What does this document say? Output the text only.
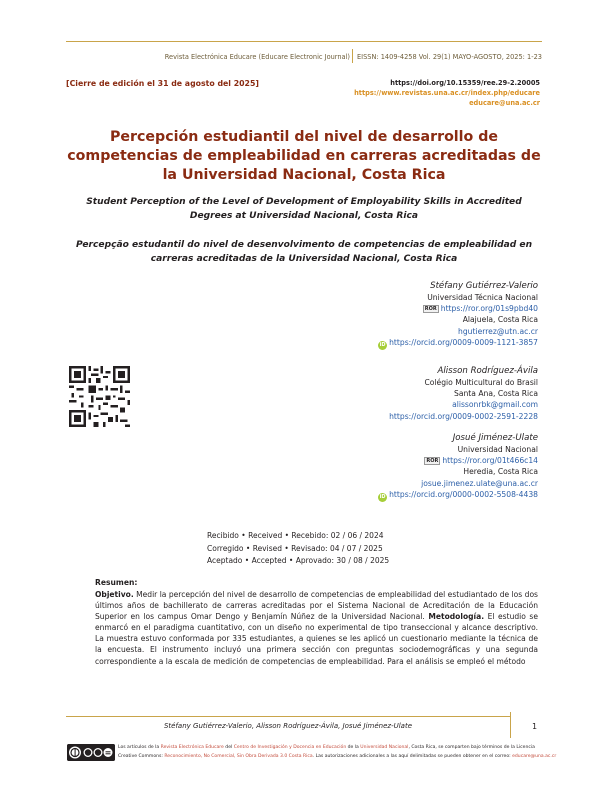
Revista Electrónica Educare (Educare Electronic Journal) EISSN: 1409-4258 Vol. 29(1) MAYO-AGOSTO, 2025: 1-23
[Cierre de edición el 31 de agosto del 2025]	https://doi.org/10.15359/ree.29-2.20005
https://www.revistas.una.ac.cr/index.php/educare
educare@una.ac.cr
Percepción estudiantil del nivel de desarrollo de competencias de empleabilidad en carreras acreditadas de la Universidad Nacional, Costa Rica
Student Perception of the Level of Development of Employability Skills in Accredited Degrees at Universidad Nacional, Costa Rica
Percepção estudantil do nivel de desenvolvimento de competencias de empleabilidad en carreras acreditadas de la Universidad Nacional, Costa Rica
Stéfany Gutiérrez-Valerio
Universidad Técnica Nacional
ROR https://ror.org/01s9pbd40
Alajuela, Costa Rica
hgutierrez@utn.ac.cr
iD https://orcid.org/0009-0009-1121-3857
Alisson Rodríguez-Ávila
Colégio Multicultural do Brasil
Santa Ana, Costa Rica
alissonrbk@gmail.com
https://orcid.org/0009-0002-2591-2228
Josué Jiménez-Ulate
Universidad Nacional
ROR https://ror.org/01t466c14
Heredia, Costa Rica
josue.jimenez.ulate@una.ac.cr
iD https://orcid.org/0000-0002-5508-4438
Recibido • Received • Recebido: 02 / 06 / 2024
Corregido • Revised • Revisado: 04 / 07 / 2025
Aceptado • Accepted • Aprovado: 30 / 08 / 2025
Resumen:

Objetivo. Medir la percepción del nivel de desarrollo de competencias de empleabilidad del estudiantado de los dos últimos años de bachillerato de carreras acreditadas por el Sistema Nacional de Acreditación de la Educación Superior en los campus Omar Dengo y Benjamín Núñez de la Universidad Nacional. Metodología. El estudio se enmarcó en el paradigma cuantitativo, con un diseño no experimental de tipo transeccional y alcance descriptivo. La muestra estuvo conformada por 335 estudiantes, a quienes se les aplicó un cuestionario mediante la técnica de la encuesta. El instrumento incluyó una primera sección con preguntas sociodemográficas y una segunda correspondiente a la escala de medición de competencias de empleabilidad. Para el análisis se empleó el método

Stéfany Gutiérrez-Valerio, Alisson Rodríguez-Ávila, Josué Jiménez-Ulate	1
Los artículos de la Revista Electrónica Educare del Centro de Investigación y Docencia en Educación de la Universidad Nacional, Costa Rica, se comparten bajo términos de la Licencia
Creative Commons: Reconocimiento, No Comercial, Sin Obra Derivada 3.0 Costa Rica. Las autorizaciones adicionales a las aquí delimitadas se pueden obtener en el correo: educare@una.ac.cr
